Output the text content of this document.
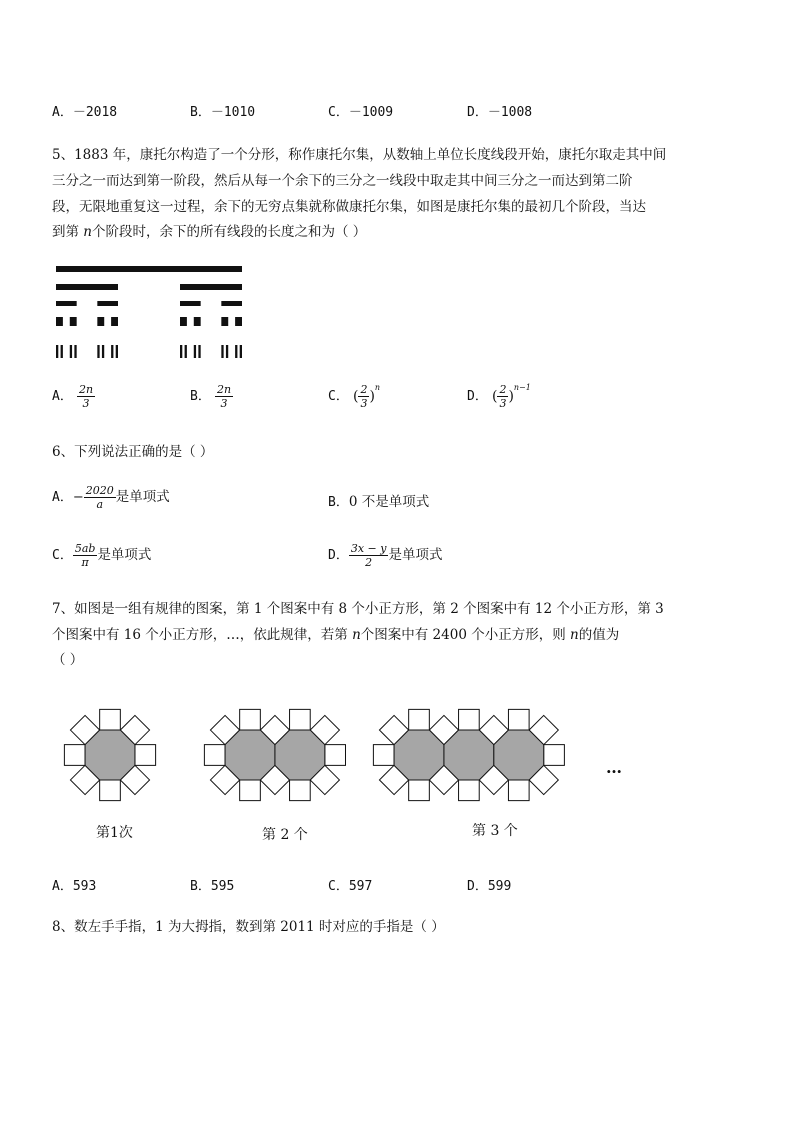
A．－2018	B．－1010	C．－1009	D．－1008
5、1883 年，康托尔构造了一个分形，称作康托尔集，从数轴上单位长度线段开始，康托尔取走其中间
三分之一而达到第一阶段，然后从每一个余下的三分之一线段中取走其中间三分之一而达到第二阶
段，无限地重复这一过程，余下的无穷点集就称做康托尔集，如图是康托尔集的最初几个阶段，当达
到第 n个阶段时，余下的所有线段的长度之和为（ ）
A． $\frac{2n}{3}$	B． $\frac{2n}{3}$	C． ( $\frac{2}{3} )^n$
D． ( $\frac{2}{3} )^{n-1}$
6、下列说法正确的是（ ）
A．− $\frac{2020}{a}$ 是单项式	B．0 不是单项式
C． $\frac{5ab}{\pi}$ 是单项式	D． $\frac{3x - y}{2}$ 是单项式
7、如图是一组有规律的图案，第 1 个图案中有 8 个小正方形，第 2 个图案中有 12 个小正方形，第 3
个图案中有 16 个小正方形，…，依此规律，若第 n个图案中有 2400 个小正方形，则 n的值为
（ ）
第1次	第 2 个	第 3 个
…
A．593	B．595	C．597	D．599
8、数左手手指，1 为大拇指，数到第 2011 时对应的手指是（ ）
